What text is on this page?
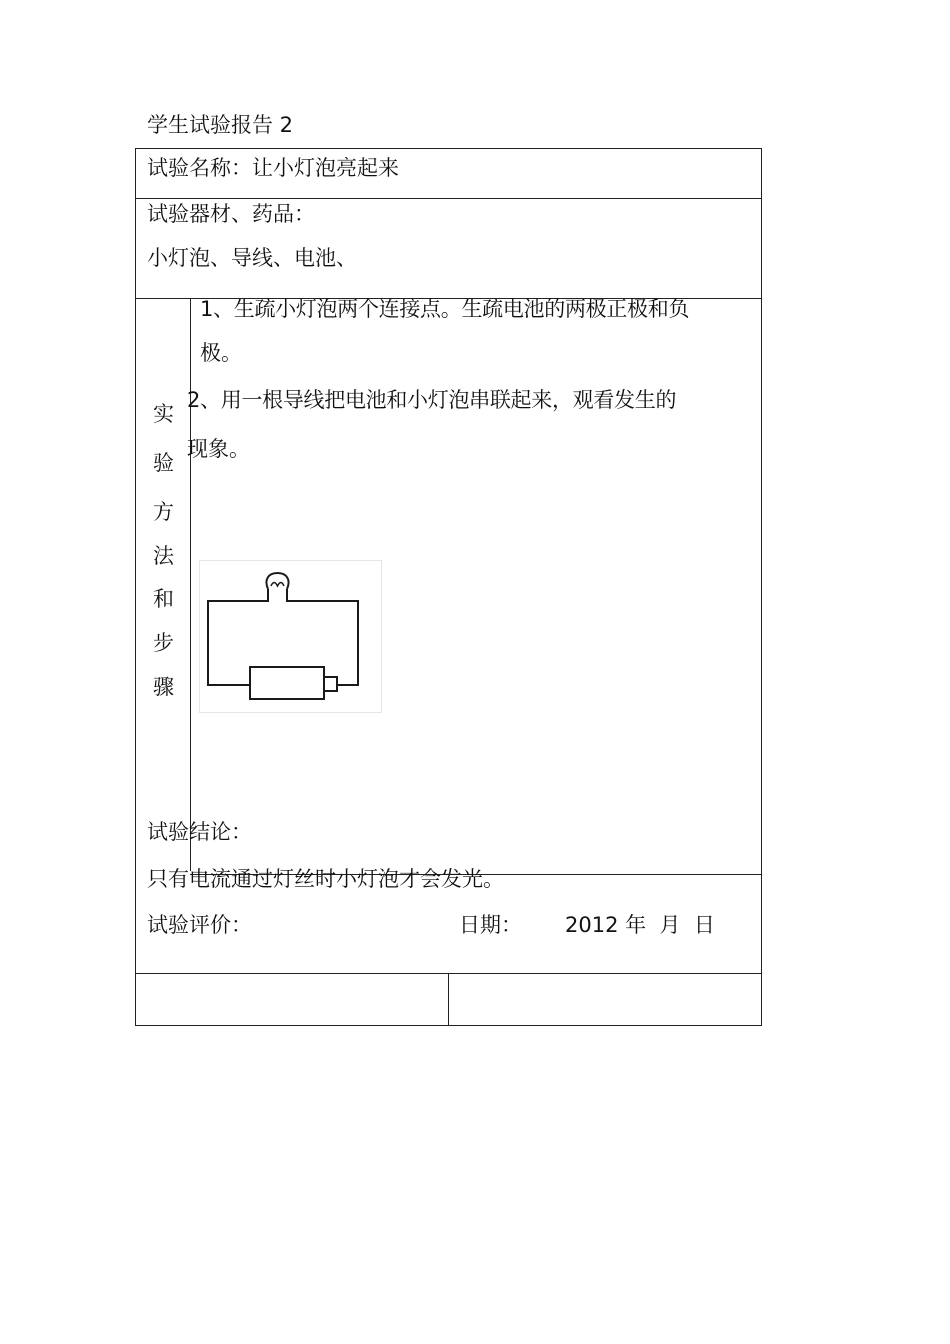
学生试验报告 2
试验名称：让小灯泡亮起来
试验器材、药品：
小灯泡、导线、电池、
实
验
方
法
和
步
骤
1、生疏小灯泡两个连接点。生疏电池的两极正极和负
极。
2、用一根导线把电池和小灯泡串联起来，观看发生的
现象。
试验结论：
只有电流通过灯丝时小灯泡才会发光。
试验评价：	日期： 2012 年  月  日
